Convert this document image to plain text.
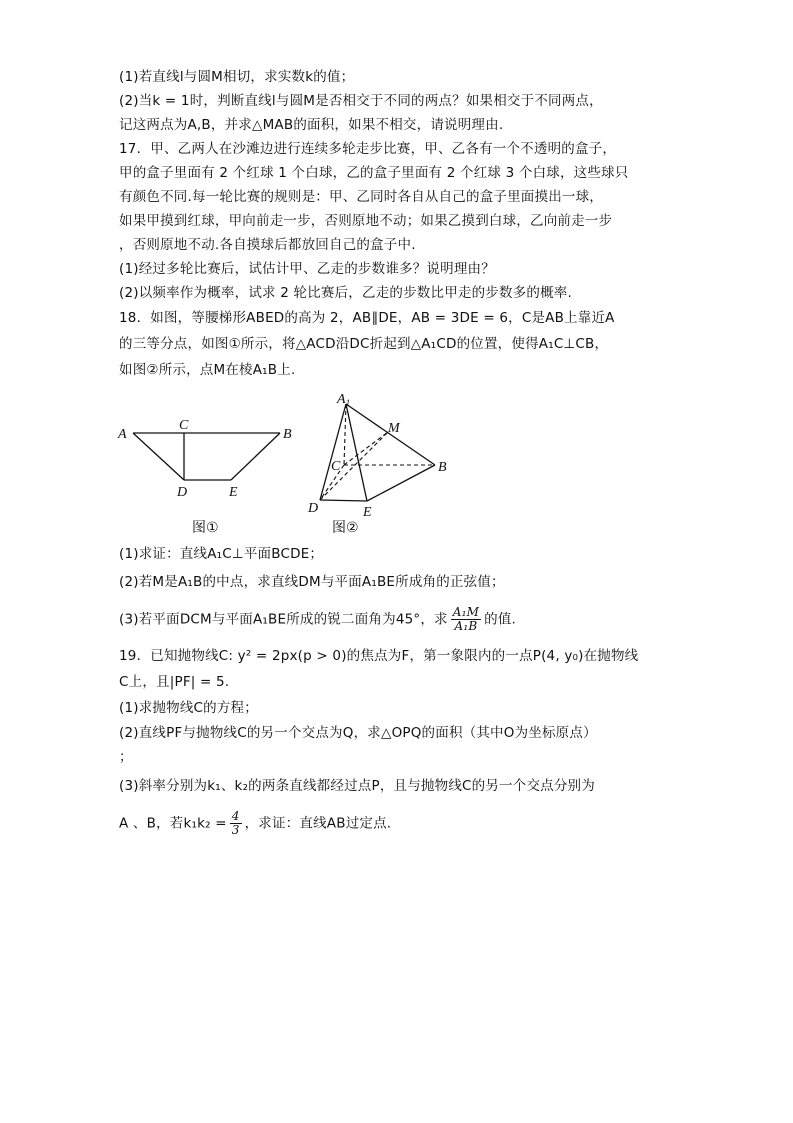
(1)若直线l与圆M相切，求实数k的值；
(2)当k = 1时，判断直线l与圆M是否相交于不同的两点？如果相交于不同两点，
记这两点为A,B，并求△MAB的面积，如果不相交，请说明理由.
17．甲、乙两人在沙滩边进行连续多轮走步比赛，甲、乙各有一个不透明的盒子，
甲的盒子里面有 2 个红球 1 个白球，乙的盒子里面有 2 个红球 3 个白球，这些球只
有颜色不同.每一轮比赛的规则是：甲、乙同时各自从自己的盒子里面摸出一球，
如果甲摸到红球，甲向前走一步，否则原地不动；如果乙摸到白球，乙向前走一步
，否则原地不动.各自摸球后都放回自己的盒子中.
(1)经过多轮比赛后，试估计甲、乙走的步数谁多？说明理由？
(2)以频率作为概率，试求 2 轮比赛后，乙走的步数比甲走的步数多的概率.
18．如图，等腰梯形ABED的高为 2，AB∥DE，AB = 3DE = 6，C是AB上靠近A
的三等分点，如图①所示，将△ACD沿DC折起到△A₁CD的位置，使得A₁C⊥CB，
如图②所示，点M在棱A₁B上.
A
C
B
D	E
图①
$A_1$
M
C	B
D	E
图②
(1)求证：直线A₁C⊥平面BCDE；
(2)若M是A₁B的中点，求直线DM与平面A₁BE所成角的正弦值；
(3)若平面DCM与平面A₁BE所成的锐二面角为45°，求 $\frac{\text{A₁M}}{\text{A₁B}}$ 的值.
19．已知抛物线C: y² = 2px(p > 0)的焦点为F，第一象限内的一点P(4, y₀)在抛物线
C上，且|PF| = 5.
(1)求抛物线C的方程；
(2)直线PF与抛物线C的另一个交点为Q，求△OPQ的面积（其中O为坐标原点）
；
(3)斜率分别为k₁、k₂的两条直线都经过点P，且与抛物线C的另一个交点分别为
A 、B，若$k_1k_2 = \frac{4}{3}$ ，求证：直线AB过定点.
